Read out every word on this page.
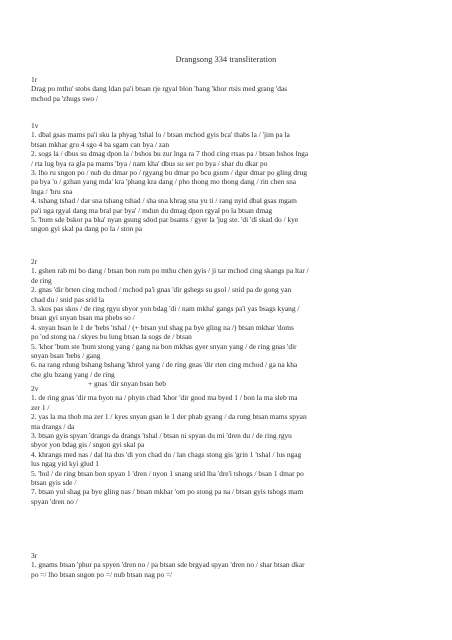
Drangsong 334 transliteration
1r
Drag po mthu' stobs dang ldan pa'i btsan rje rgyal blon 'bang 'khor rtsis med grang 'das
mchod pa 'zhugs swo /
1v
1. dbal gsas mams pa'i sku la phyag 'tshal lo / btsan mchod gyis bca' thabs la / 'jim pa la
btsan mkhar gru 4 sgo 4 ba sgam can bya / zan
2. sogs la / dbus su dmag dpon la / bshos bu zur lnga ra 7 thod cing rtsas pa / btsan bshos lnga
/ rta lug bya ra gla pa mams 'bya / nam kha' dbus su ser po bya / shar du dkar po
3. lho ru sngon po / nub du dmar po / rgyang bu dmar po bcu gsum / dgur dmar po gling drug
pa bya 'o / gzhan yang mda' kra 'phang kra dang / pho thong mo thong dang / rin chen sna
lnga / 'bru sna
4. tshang tshad / dar sna tshang tshad / sha sna khrag sna yu ti / rang nyid dbal gsas mgam
pa'i nga rgyal dang ma bral par bya' / mdun du dmag dpon rgyal po la btsan dmag
5. 'bum sde bskor pa bka' nyan gsung sdod par bsams / gyer la 'jug ste. 'di 'di skad do / kye
sngon gyi skal pa dang po la / ston pa
2r
1. gshen rab mi bo dang / btsan bon rom po mthu chen gyis / ji tar mchod cing skangs pa ltar /
de ring
2. gnas 'dir brten cing mchod / mchod pa'i gnas 'dir gshegs su gsol / snid pa de gong yan
chad du / snid pas srid la
3. skos pas skos / de ring rgyu sbyor yon bdag 'di / nam mkha' gangs pa'i yas bsags kyang /
btsan gyi snyan bsan ma phebs so /
4. snyan bsan le 1 de 'bebs 'tshal / (+ btsan yul shag pa bye gling na /) btsan mkhar 'doms
po 'od stong na / skyes bu lung btsan la sogs de / btsan
5. 'khor 'bum ste 'bum stong yang / gang na bon mkhas gyer snyan yang / de ring gnas 'dir
snyan bsan 'bebs / gang
6. na rang rdung bshang bshang 'khrol yang / de ring gnas 'dir rten cing mchod / ga na kha
che glu bzang yang / de ring
+ gnas 'dir snyan bsan beb
2v
1. de ring gnas 'dir ma byon na / phyin chad 'khor 'dir gnod ma byed 1 / bon la ma sleb ma
zer 1 /
2. yas la ma thob ma zer 1 / kyes snyan gsan le 1 der phab gyang / da rung btsan mams spyan
ma drangs / da
3. btsan gyis spyan 'drangs da drangs 'tshal / btsan ni spyan du mi 'dren du / de ring rgyu
sbyor yon bdag gis / sngon gyi skal pa
4. khrangs med nas / dal lta dus 'di yon chad du / lan chags stong gis 'grin 1 'tshal / lus ngag
lus ngag yid kyi glud 1
5. 'bul / de ring btsan bon spyan 1 'dren / nyon 1 snang srid lha 'dre'i tshogs / bsan 1 dmar po
btsan gyis sde /
7. btsan yul shag pa bye gling nas / btsan mkhar 'om po stong pa na / btsan gyis tshogs mam
spyan 'dren no /
3r
1. gnams btsan 'phur pa spyen 'dren no / pa btsan sde brgyad spyan 'dren no / shar btsan dkar
po =/ lho btsan sngon po =/ nub btsan nag po =/
